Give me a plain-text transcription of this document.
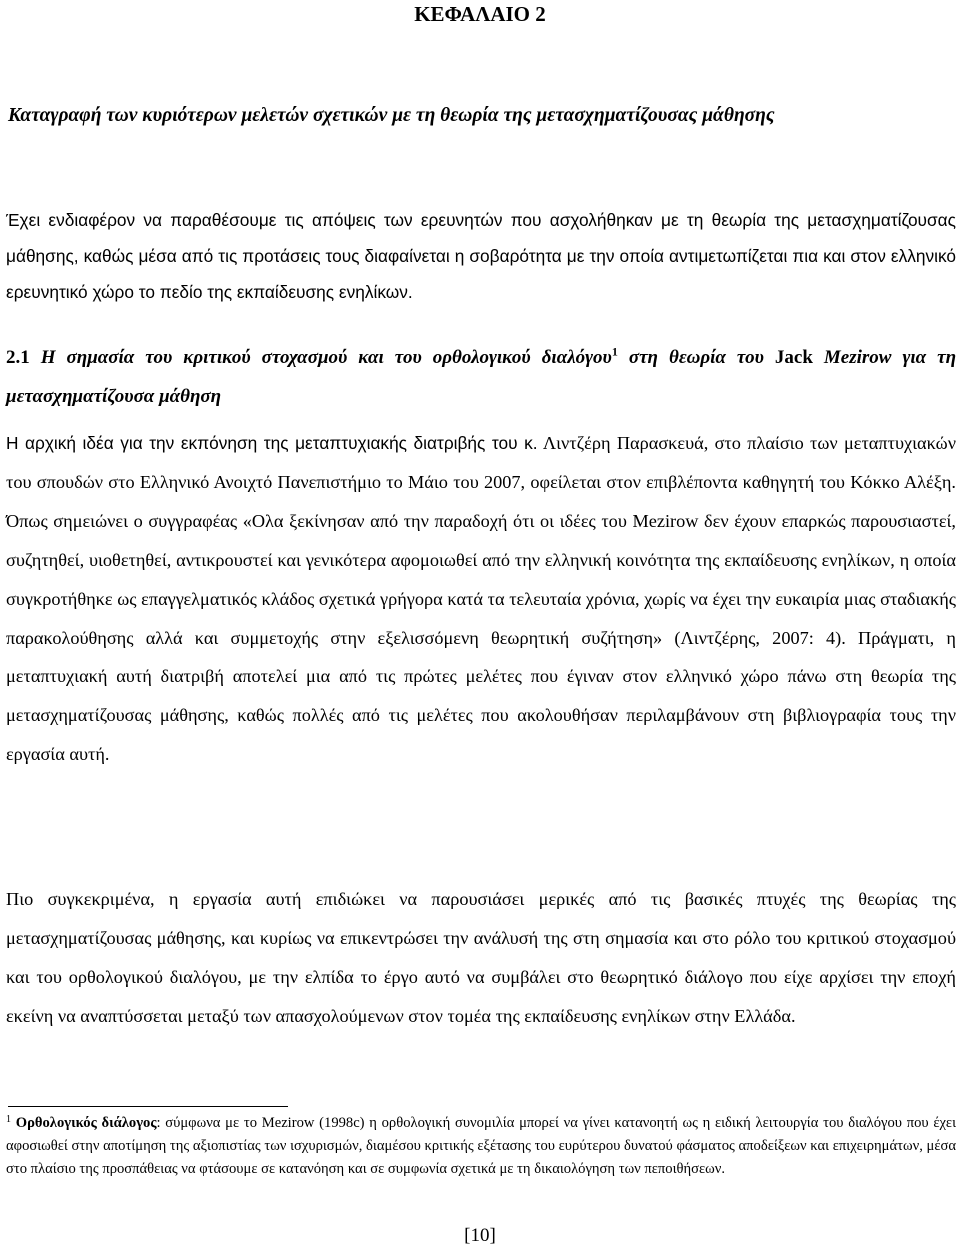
ΚΕΦΑΛΑΙΟ 2
Καταγραφή των κυριότερων μελετών σχετικών με τη θεωρία της μετασχηματίζουσας μάθησης

Έχει ενδιαφέρον να παραθέσουμε τις απόψεις των ερευνητών που ασχολήθηκαν με τη θεωρία της μετασχηματίζουσας μάθησης, καθώς μέσα από τις προτάσεις τους διαφαίνεται η σοβαρότητα με την οποία αντιμετωπίζεται πια και στον ελληνικό ερευνητικό χώρο το πεδίο της εκπαίδευσης ενηλίκων.

2.1 Η σημασία του κριτικού στοχασμού και του ορθολογικού διαλόγου$^1$ στη θεωρία του Jack Mezirow για τη μετασχηματίζουσα μάθηση

Η αρχική ιδέα για την εκπόνηση της μεταπτυχιακής διατριβής του κ. Λιντζέρη Παρασκευά, στο πλαίσιο των μεταπτυχιακών του σπουδών στο Ελληνικό Ανοιχτό Πανεπιστήμιο το Μάιο του 2007, οφείλεται στον επιβλέποντα καθηγητή του Κόκκο Αλέξη. Όπως σημειώνει ο συγγραφέας «Ολα ξεκίνησαν από την παραδοχή ότι οι ιδέες του Mezirow δεν έχουν επαρκώς παρουσιαστεί, συζητηθεί, υιοθετηθεί, αντικρουστεί και γενικότερα αφομοιωθεί από την ελληνική κοινότητα της εκπαίδευσης ενηλίκων, η οποία συγκροτήθηκε ως επαγγελματικός κλάδος σχετικά γρήγορα κατά τα τελευταία χρόνια, χωρίς να έχει την ευκαιρία μιας σταδιακής παρακολούθησης αλλά και συμμετοχής στην εξελισσόμενη θεωρητική συζήτηση» (Λιντζέρης, 2007: 4). Πράγματι, η μεταπτυχιακή αυτή διατριβή αποτελεί μια από τις πρώτες μελέτες που έγιναν στον ελληνικό χώρο πάνω στη θεωρία της μετασχηματίζουσας μάθησης, καθώς πολλές από τις μελέτες που ακολουθήσαν περιλαμβάνουν στη βιβλιογραφία τους την εργασία αυτή.

Πιο συγκεκριμένα, η εργασία αυτή επιδιώκει να παρουσιάσει μερικές από τις βασικές πτυχές της θεωρίας της μετασχηματίζουσας μάθησης, και κυρίως να επικεντρώσει την ανάλυσή της στη σημασία και στο ρόλο του κριτικού στοχασμού και του ορθολογικού διαλόγου, με την ελπίδα το έργο αυτό να συμβάλει στο θεωρητικό διάλογο που είχε αρχίσει την εποχή εκείνη να αναπτύσσεται μεταξύ των απασχολούμενων στον τομέα της εκπαίδευσης ενηλίκων στην Ελλάδα.

$^1$ Ορθολογικός διάλογος: σύμφωνα με το Mezirow (1998c) η ορθολογική συνομιλία μπορεί να γίνει κατανοητή ως η ειδική λειτουργία του διαλόγου που έχει αφοσιωθεί στην αποτίμηση της αξιοπιστίας των ισχυρισμών, διαμέσου κριτικής εξέτασης του ευρύτερου δυνατού φάσματος αποδείξεων και επιχειρημάτων, μέσα στο πλαίσιο της προσπάθειας να φτάσουμε σε κατανόηση και σε συμφωνία σχετικά με τη δικαιολόγηση των πεποιθήσεων.

[10]
